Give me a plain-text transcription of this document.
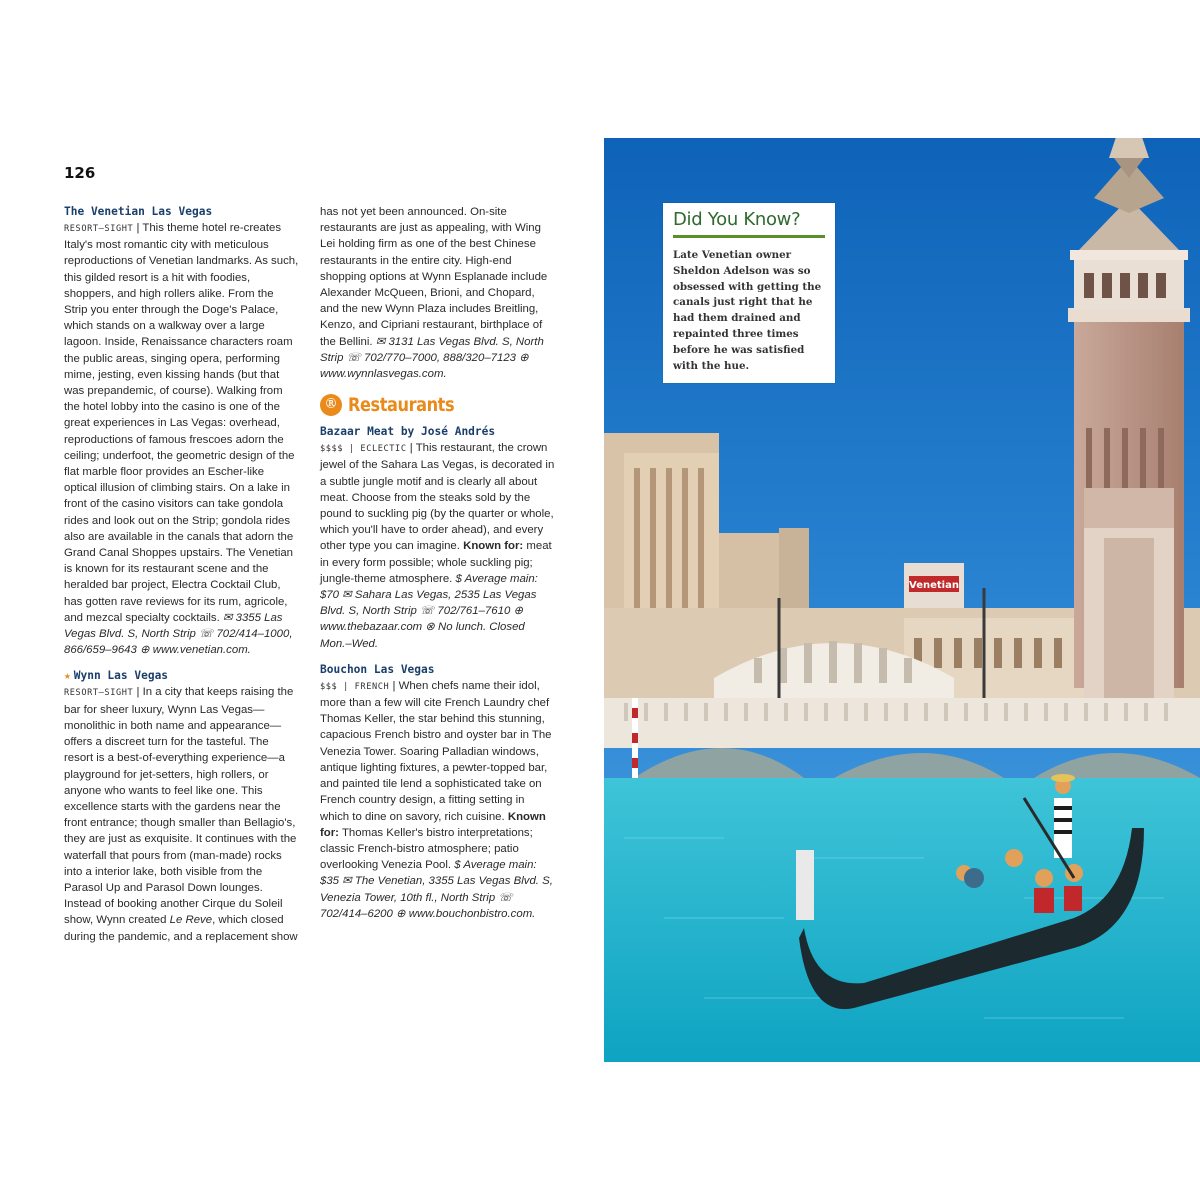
126
The Venetian Las Vegas

RESORT—SIGHT | This theme hotel re-creates Italy's most romantic city with meticulous reproductions of Venetian landmarks. As such, this gilded resort is a hit with foodies, shoppers, and high rollers alike. From the Strip you enter through the Doge's Palace, which stands on a walkway over a large lagoon. Inside, Renaissance characters roam the public areas, singing opera, performing mime, jesting, even kissing hands (but that was prepandemic, of course). Walking from the hotel lobby into the casino is one of the great experiences in Las Vegas: overhead, reproductions of famous frescoes adorn the ceiling; underfoot, the geometric design of the flat marble floor provides an Escher-like optical illusion of climbing stairs. On a lake in front of the casino visitors can take gondola rides and look out on the Strip; gondola rides also are available in the canals that adorn the Grand Canal Shoppes upstairs. The Venetian is known for its restaurant scene and the heralded bar project, Electra Cocktail Club, has gotten rave reviews for its rum, agricole, and mezcal specialty cocktails. ✉ 3355 Las Vegas Blvd. S, North Strip ☏ 702/414–1000, 866/659–9643 ⊕ www.venetian.com.

★ Wynn Las Vegas

RESORT—SIGHT | In a city that keeps raising the bar for sheer luxury, Wynn Las Vegas—monolithic in both name and appearance—offers a discreet turn for the tasteful. The resort is a best-of-everything experience—a playground for jet-setters, high rollers, or anyone who wants to feel like one. This excellence starts with the gardens near the front entrance; though smaller than Bellagio's, they are just as exquisite. It continues with the waterfall that pours from (man-made) rocks into a interior lake, both visible from the Parasol Up and Parasol Down lounges. Instead of booking another Cirque du Soleil show, Wynn created Le Reve, which closed during the pandemic, and a replacement show

has not yet been announced. On-site restaurants are just as appealing, with Wing Lei holding firm as one of the best Chinese restaurants in the entire city. High-end shopping options at Wynn Esplanade include Alexander McQueen, Brioni, and Chopard, and the new Wynn Plaza includes Breitling, Kenzo, and Cipriani restaurant, birthplace of the Bellini. ✉ 3131 Las Vegas Blvd. S, North Strip ☏ 702/770–7000, 888/320–7123 ⊕ www.wynnlasvegas.com.

Ⓡ Restaurants
Bazaar Meat by José Andrés

$$$$ | ECLECTIC | This restaurant, the crown jewel of the Sahara Las Vegas, is decorated in a subtle jungle motif and is clearly all about meat. Choose from the steaks sold by the pound to suckling pig (by the quarter or whole, which you'll have to order ahead), and every other type you can imagine. Known for: meat in every form possible; whole suckling pig; jungle-theme atmosphere. $ Average main: $70 ✉ Sahara Las Vegas, 2535 Las Vegas Blvd. S, North Strip ☏ 702/761–7610 ⊕ www.thebazaar.com ⊗ No lunch. Closed Mon.–Wed.

Bouchon Las Vegas

$$$ | FRENCH | When chefs name their idol, more than a few will cite French Laundry chef Thomas Keller, the star behind this stunning, capacious French bistro and oyster bar in The Venezia Tower. Soaring Palladian windows, antique lighting fixtures, a pewter-topped bar, and painted tile lend a sophisticated take on French country design, a fitting setting in which to dine on savory, rich cuisine. Known for: Thomas Keller's bistro interpretations; classic French-bistro atmosphere; patio overlooking Venezia Pool. $ Average main: $35 ✉ The Venetian, 3355 Las Vegas Blvd. S, Venezia Tower, 10th fl., North Strip ☏ 702/414–6200 ⊕ www.bouchonbistro.com.

Venetian
Did You Know?
Late Venetian owner Sheldon Adelson was so obsessed with getting the canals just right that he had them drained and repainted three times before he was satisfied with the hue.
